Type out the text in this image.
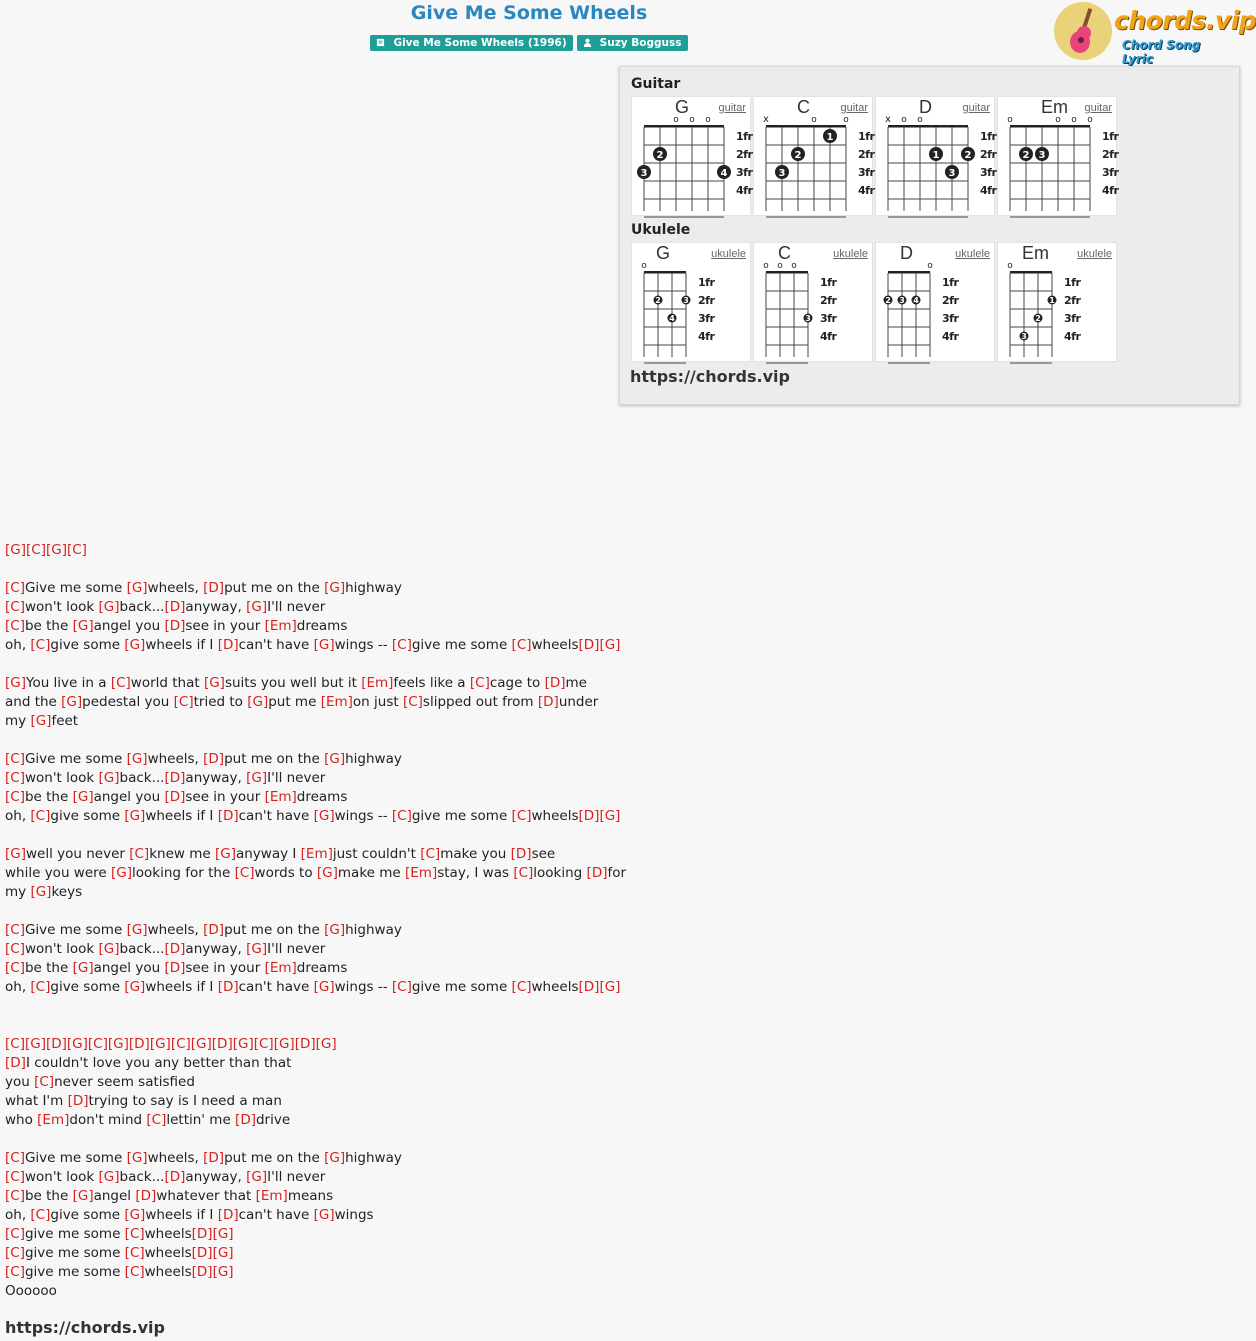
Give Me Some Wheels
Give Me Some Wheels (1996)	Suzy Bogguss
chords.vip
Chord Song Lyric
Guitar
Ukulele
https://chords.vip
G	guitar
o o o
1fr
2fr
3fr
4fr
3
2
4
C	guitar
x	o	o
1fr
2fr
3fr
4fr
3
2
1
D	guitar
x o o
1fr
2fr
3fr
4fr
1
3
2
Em guitar
o	o o o
1fr
2fr
3fr
4fr
2 3
G	ukulele
o
1fr
2fr
3fr
4fr
2
4
3
C	ukulele
o o o
1fr
2fr
3fr
4fr
3
D	ukulele
o
1fr
2fr
3fr
4fr
2 3 4
Em	ukulele
o
1fr
2fr
3fr
4fr
3
2
1
[G][C][G][C]
[C]Give me some [G]wheels, [D]put me on the [G]highway
[C]won't look [G]back...[D]anyway, [G]I'll never
[C]be the [G]angel you [D]see in your [Em]dreams
oh, [C]give some [G]wheels if I [D]can't have [G]wings -- [C]give me some [C]wheels[D][G]
[G]You live in a [C]world that [G]suits you well but it [Em]feels like a [C]cage to [D]me
and the [G]pedestal you [C]tried to [G]put me [Em]on just [C]slipped out from [D]under
my [G]feet
[C]Give me some [G]wheels, [D]put me on the [G]highway
[C]won't look [G]back...[D]anyway, [G]I'll never
[C]be the [G]angel you [D]see in your [Em]dreams
oh, [C]give some [G]wheels if I [D]can't have [G]wings -- [C]give me some [C]wheels[D][G]
[G]well you never [C]knew me [G]anyway I [Em]just couldn't [C]make you [D]see
while you were [G]looking for the [C]words to [G]make me [Em]stay, I was [C]looking [D]for
my [G]keys
[C]Give me some [G]wheels, [D]put me on the [G]highway
[C]won't look [G]back...[D]anyway, [G]I'll never
[C]be the [G]angel you [D]see in your [Em]dreams
oh, [C]give some [G]wheels if I [D]can't have [G]wings -- [C]give me some [C]wheels[D][G]
[C][G][D][G][C][G][D][G][C][G][D][G][C][G][D][G]
[D]I couldn't love you any better than that
you [C]never seem satisfied
what I'm [D]trying to say is I need a man
who [Em]don't mind [C]lettin' me [D]drive
[C]Give me some [G]wheels, [D]put me on the [G]highway
[C]won't look [G]back...[D]anyway, [G]I'll never
[C]be the [G]angel [D]whatever that [Em]means
oh, [C]give some [G]wheels if I [D]can't have [G]wings
[C]give me some [C]wheels[D][G]
[C]give me some [C]wheels[D][G]
[C]give me some [C]wheels[D][G]
Oooooo
https://chords.vip
